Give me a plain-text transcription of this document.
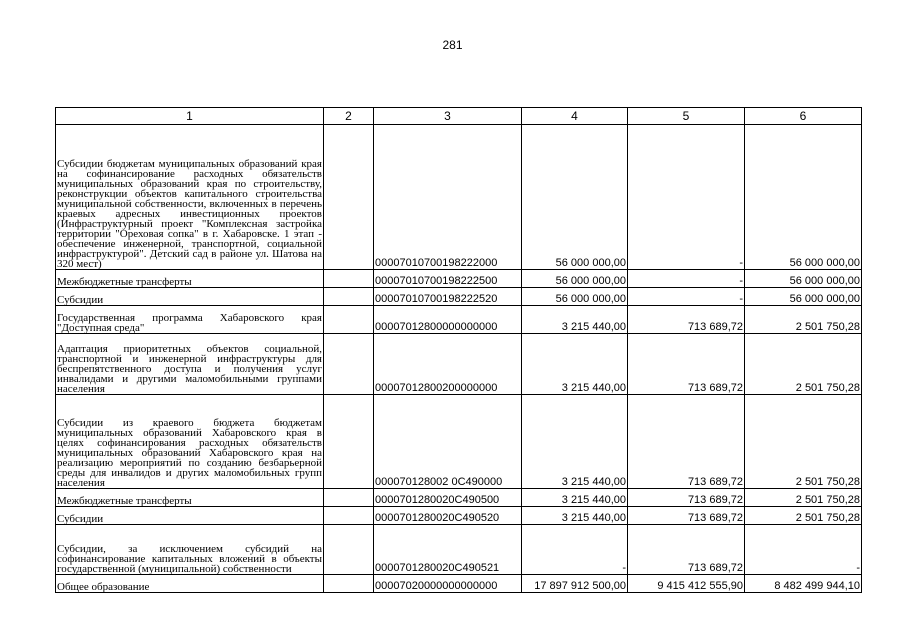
281
1	2	3	4	5	6
Субсидии бюджетам муниципальных образований края на софинансирование расходных обязательств муниципальных образований края по строительству, реконструкции объектов капитального строительства муниципальной собственности, включенных в перечень краевых адресных инвестиционных проектов (Инфраструктурный проект "Комплексная застройка территории "Ореховая сопка" в г. Хабаровске. 1 этап - обеспечение инженерной, транспортной, социальной инфраструктурой". Детский сад в районе ул. Шатова на 320 мест)		00007010700198222000	56 000 000,00	-	56 000 000,00
Межбюджетные трансферты		00007010700198222500	56 000 000,00	-	56 000 000,00
Субсидии		00007010700198222520	56 000 000,00	-	56 000 000,00
Государственная программа Хабаровского края "Доступная среда"		00007012800000000000	3 215 440,00	713 689,72	2 501 750,28
Адаптация приоритетных объектов социальной, транспортной и инженерной инфраструктуры для беспрепятственного доступа и получения услуг инвалидами и другими маломобильными группами населения		00007012800200000000	3 215 440,00	713 689,72	2 501 750,28
Субсидии из краевого бюджета бюджетам муниципальных образований Хабаровского края в целях софинансирования расходных обязательств муниципальных образований Хабаровского края на реализацию мероприятий по созданию безбарьерной среды для инвалидов и других маломобильных групп населения		000070128002 0C490000	3 215 440,00	713 689,72	2 501 750,28
Межбюджетные трансферты		0000701280020C490500	3 215 440,00	713 689,72	2 501 750,28
Субсидии		0000701280020C490520	3 215 440,00	713 689,72	2 501 750,28
Субсидии, за исключением субсидий на софинансирование капитальных вложений в объекты государственной (муниципальной) собственности		0000701280020C490521	-	713 689,72	-
Общее образование		00007020000000000000	17 897 912 500,00	9 415 412 555,90	8 482 499 944,10
